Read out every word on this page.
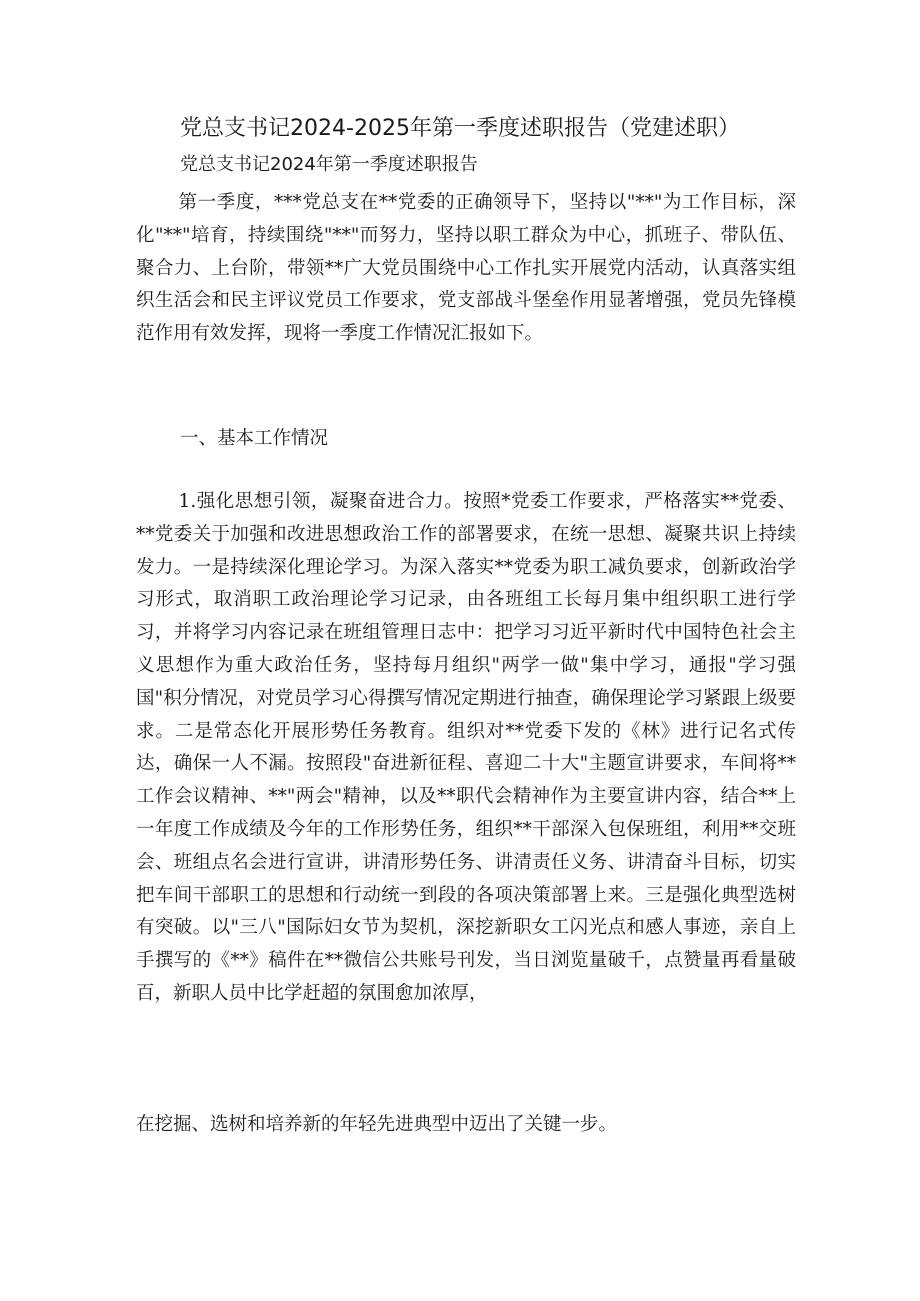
党总支书记2024-2025年第一季度述职报告（党建述职）
党总支书记2024年第一季度述职报告

第一季度，***党总支在**党委的正确领导下，坚持以"**"为工作目标，深化"**"培育，持续围绕"**"而努力，坚持以职工群众为中心，抓班子、带队伍、聚合力、上台阶，带领**广大党员围绕中心工作扎实开展党内活动，认真落实组织生活会和民主评议党员工作要求，党支部战斗堡垒作用显著增强，党员先锋模范作用有效发挥，现将一季度工作情况汇报如下。

一、基本工作情况

1.强化思想引领，凝聚奋进合力。按照*党委工作要求，严格落实**党委、**党委关于加强和改进思想政治工作的部署要求，在统一思想、凝聚共识上持续发力。一是持续深化理论学习。为深入落实**党委为职工减负要求，创新政治学习形式，取消职工政治理论学习记录，由各班组工长每月集中组织职工进行学习，并将学习内容记录在班组管理日志中：把学习习近平新时代中国特色社会主义思想作为重大政治任务，坚持每月组织"两学一做"集中学习，通报"学习强国"积分情况，对党员学习心得撰写情况定期进行抽查，确保理论学习紧跟上级要求。二是常态化开展形势任务教育。组织对**党委下发的《林》进行记名式传达，确保一人不漏。按照段"奋进新征程、喜迎二十大"主题宣讲要求，车间将**工作会议精神、**"两会"精神，以及**职代会精神作为主要宣讲内容，结合**上一年度工作成绩及今年的工作形势任务，组织**干部深入包保班组，利用**交班会、班组点名会进行宣讲，讲清形势任务、讲清责任义务、讲清奋斗目标，切实把车间干部职工的思想和行动统一到段的各项决策部署上来。三是强化典型选树有突破。以"三八"国际妇女节为契机，深挖新职女工闪光点和感人事迹，亲自上手撰写的《**》稿件在**微信公共账号刊发，当日浏览量破千，点赞量再看量破百，新职人员中比学赶超的氛围愈加浓厚，

在挖掘、选树和培养新的年轻先进典型中迈出了关键一步。
